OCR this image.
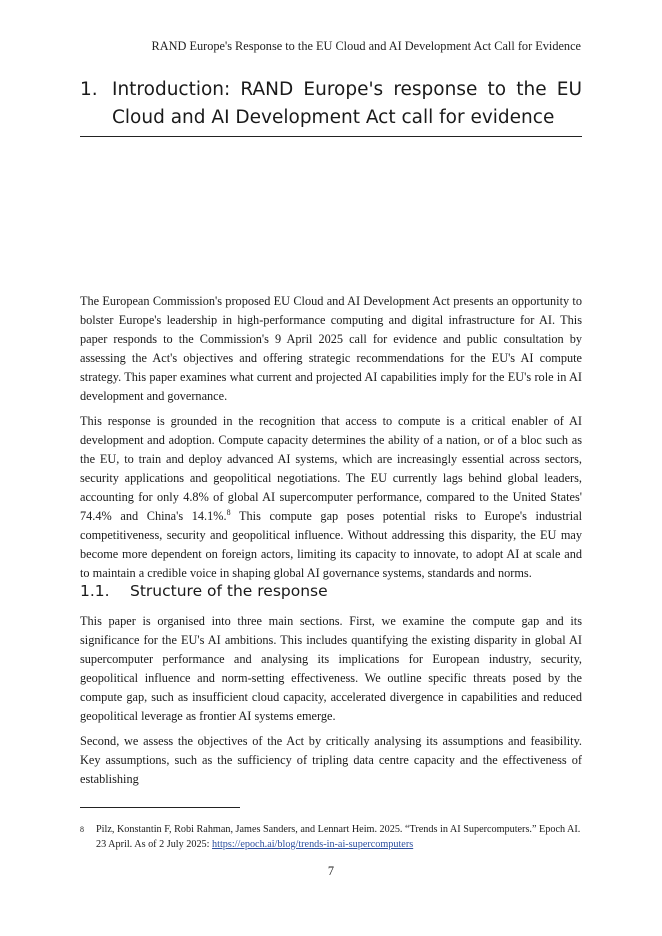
RAND Europe's Response to the EU Cloud and AI Development Act Call for Evidence
1. Introduction: RAND Europe's response to the EU Cloud and AI Development Act call for evidence

The European Commission's proposed EU Cloud and AI Development Act presents an opportunity to bolster Europe's leadership in high-performance computing and digital infrastructure for AI. This paper responds to the Commission's 9 April 2025 call for evidence and public consultation by assessing the Act's objectives and offering strategic recommendations for the EU's AI compute strategy. This paper examines what current and projected AI capabilities imply for the EU's role in AI development and governance.

This response is grounded in the recognition that access to compute is a critical enabler of AI development and adoption. Compute capacity determines the ability of a nation, or of a bloc such as the EU, to train and deploy advanced AI systems, which are increasingly essential across sectors, security applications and geopolitical negotiations. The EU currently lags behind global leaders, accounting for only 4.8% of global AI supercomputer performance, compared to the United States' 74.4% and China's 14.1%.$^8$ This compute gap poses potential risks to Europe's industrial competitiveness, security and geopolitical influence. Without addressing this disparity, the EU may become more dependent on foreign actors, limiting its capacity to innovate, to adopt AI at scale and to maintain a credible voice in shaping global AI governance systems, standards and norms.

1.1. Structure of the response

This paper is organised into three main sections. First, we examine the compute gap and its significance for the EU's AI ambitions. This includes quantifying the existing disparity in global AI supercomputer performance and analysing its implications for European industry, security, geopolitical influence and norm-setting effectiveness. We outline specific threats posed by the compute gap, such as insufficient cloud capacity, accelerated divergence in capabilities and reduced geopolitical leverage as frontier AI systems emerge.

Second, we assess the objectives of the Act by critically analysing its assumptions and feasibility. Key assumptions, such as the sufficiency of tripling data centre capacity and the effectiveness of establishing

8 Pilz, Konstantin F, Robi Rahman, James Sanders, and Lennart Heim. 2025. “Trends in AI Supercomputers.” Epoch AI. 23 April. As of 2 July 2025: https://epoch.ai/blog/trends-in-ai-supercomputers
7
